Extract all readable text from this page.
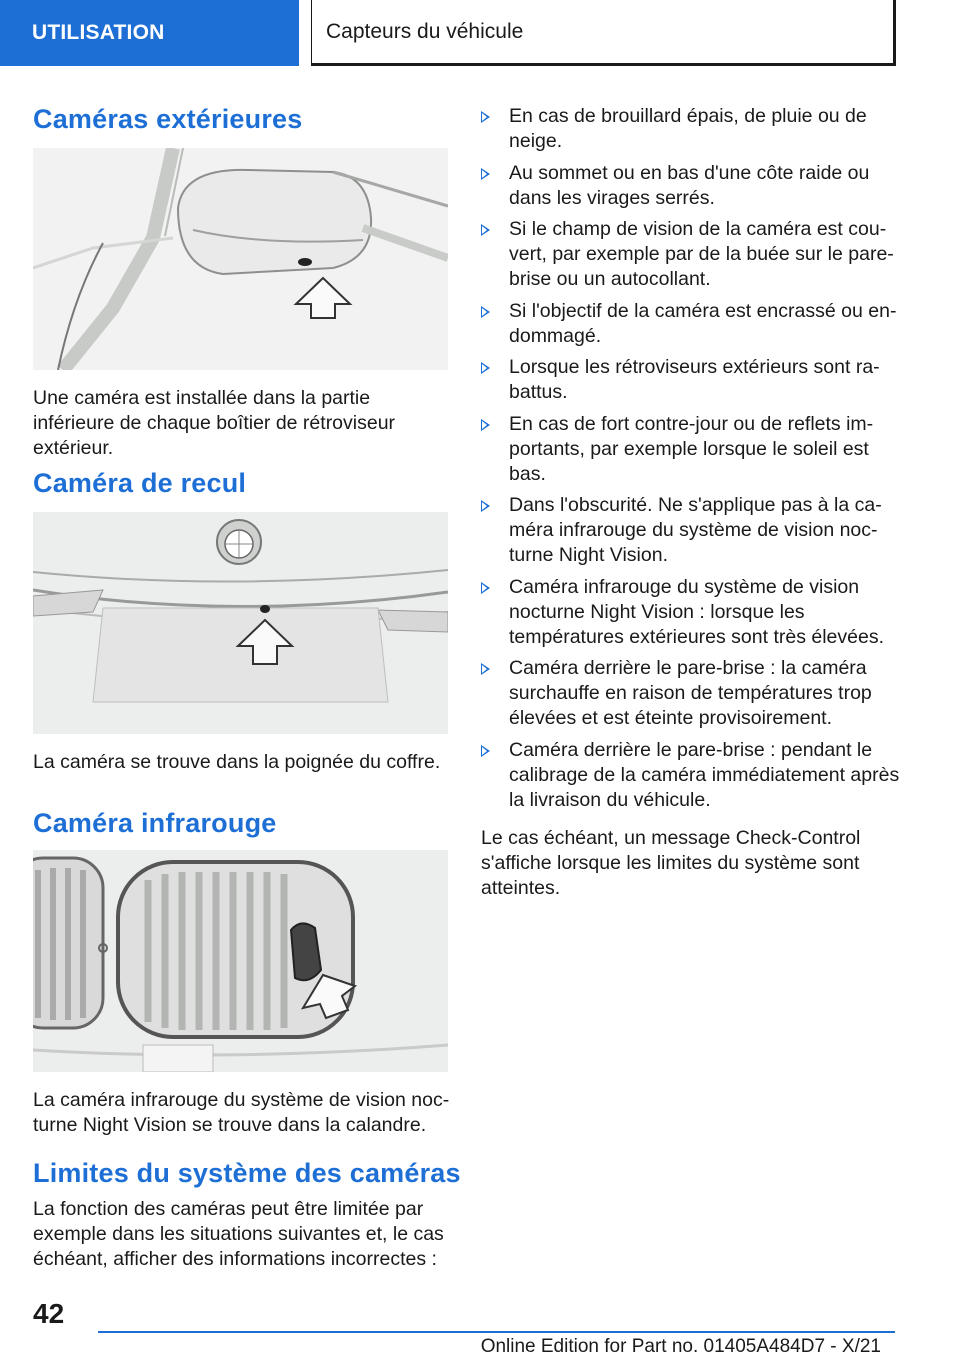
UTILISATION	Capteurs du véhicule
Caméras extérieures

Une caméra est installée dans la partie inférieure de chaque boîtier de rétroviseur extérieur.

Caméra de recul

La caméra se trouve dans la poignée du coffre.

Caméra infrarouge

La caméra infrarouge du système de vision nocturne Night Vision se trouve dans la calandre.

Limites du système des caméras

La fonction des caméras peut être limitée par exemple dans les situations suivantes et, le cas échéant, afficher des informations incorrectes :

En cas de brouillard épais, de pluie ou de neige.
Au sommet ou en bas d'une côte raide ou dans les virages serrés.
Si le champ de vision de la caméra est couvert, par exemple par de la buée sur le pare-brise ou un autocollant.
Si l'objectif de la caméra est encrassé ou endommagé.
Lorsque les rétroviseurs extérieurs sont rabattus.
En cas de fort contre-jour ou de reflets importants, par exemple lorsque le soleil est bas.
Dans l'obscurité. Ne s'applique pas à la caméra infrarouge du système de vision nocturne Night Vision.
Caméra infrarouge du système de vision nocturne Night Vision : lorsque les températures extérieures sont très élevées.
Caméra derrière le pare-brise : la caméra surchauffe en raison de températures trop élevées et est éteinte provisoirement.
Caméra derrière le pare-brise : pendant le calibrage de la caméra immédiatement après la livraison du véhicule.

Le cas échéant, un message Check-Control s'affiche lorsque les limites du système sont atteintes.

42
Online Edition for Part no. 01405A484D7 - X/21
